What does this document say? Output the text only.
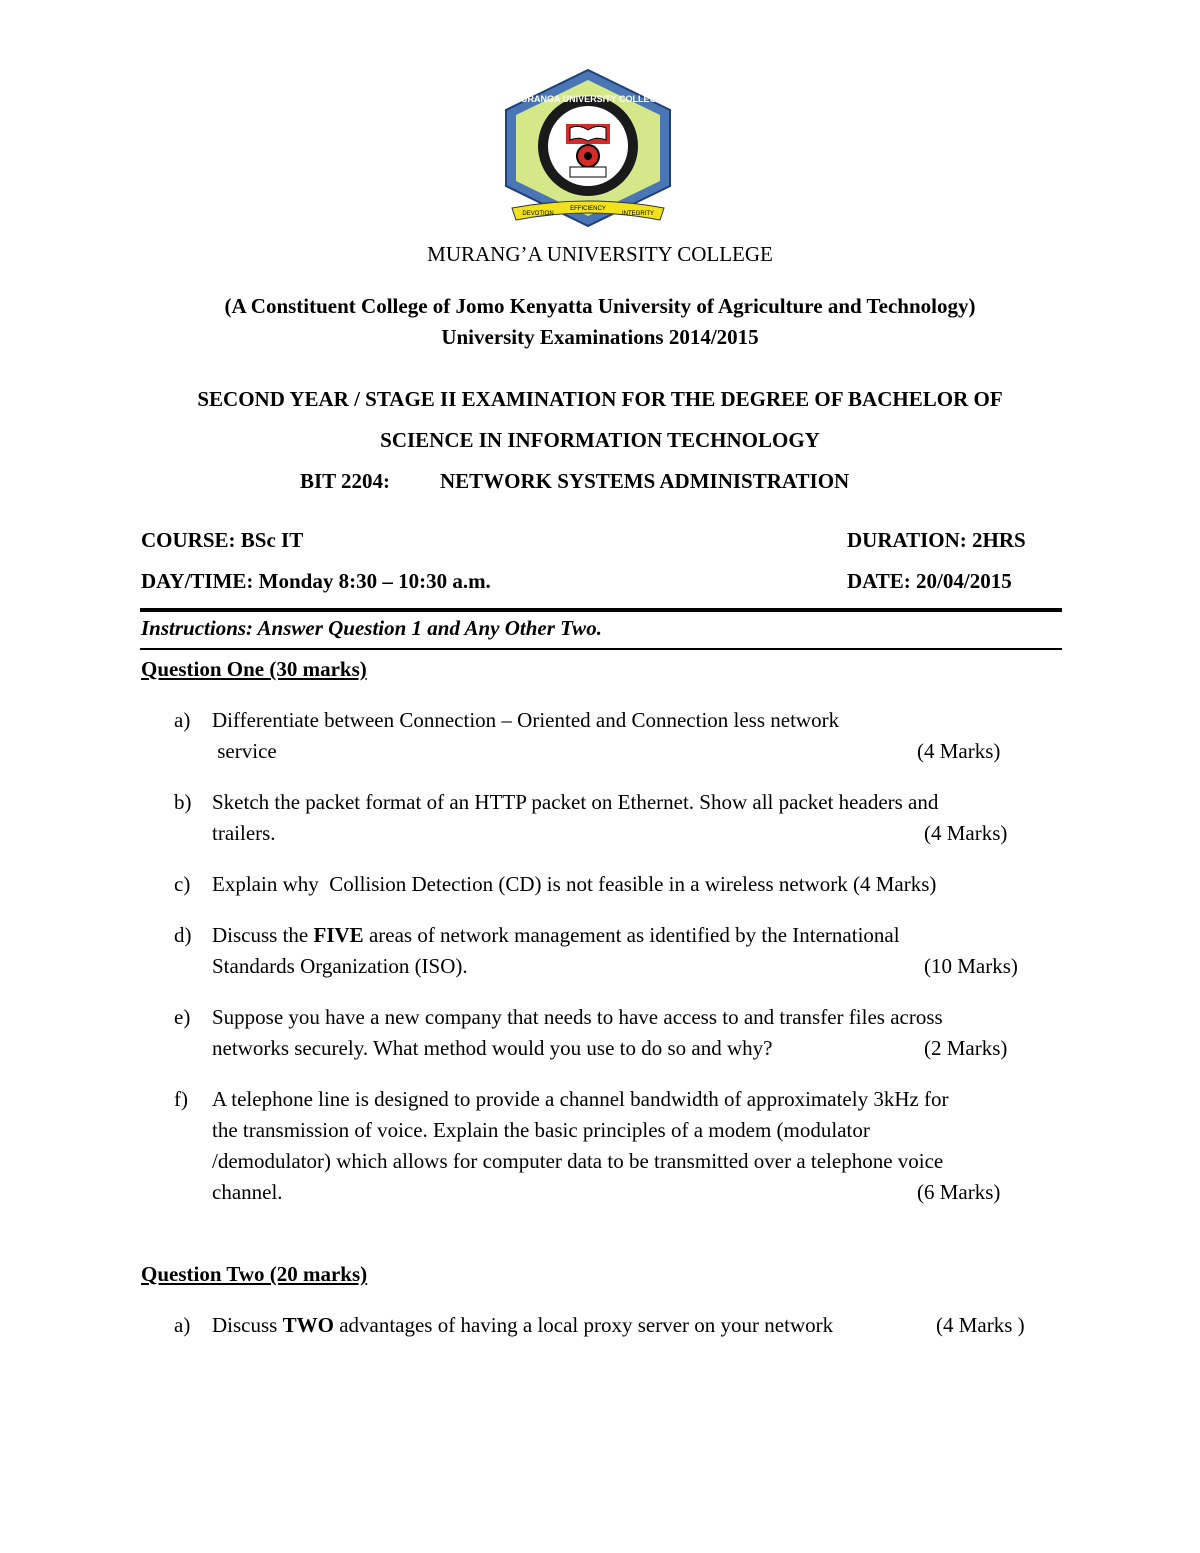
MURANGA UNIVERSITY COLLEGE
DEVOTION
EFFICIENCY
INTEGRITY
MURANG’A UNIVERSITY COLLEGE
(A Constituent College of Jomo Kenyatta University of Agriculture and Technology)
University Examinations 2014/2015
SECOND YEAR / STAGE II EXAMINATION FOR THE DEGREE OF BACHELOR OF
SCIENCE IN INFORMATION TECHNOLOGY
BIT 2204: NETWORK SYSTEMS ADMINISTRATION
COURSE: BSc IT	DURATION: 2HRS
DAY/TIME: Monday 8:30 – 10:30 a.m.	DATE: 20/04/2015
Instructions: Answer Question 1 and Any Other Two.
Question One (30 marks)
a) Differentiate between Connection – Oriented and Connection less network
service	(4 Marks)
b) Sketch the packet format of an HTTP packet on Ethernet. Show all packet headers and
trailers.	(4 Marks)
c) Explain why  Collision Detection (CD) is not feasible in a wireless network (4 Marks)
d) Discuss the FIVE areas of network management as identified by the International
Standards Organization (ISO).	(10 Marks)
e) Suppose you have a new company that needs to have access to and transfer files across
networks securely. What method would you use to do so and why?	(2 Marks)
f) A telephone line is designed to provide a channel bandwidth of approximately 3kHz for
the transmission of voice. Explain the basic principles of a modem (modulator
/demodulator) which allows for computer data to be transmitted over a telephone voice
channel.	(6 Marks)
Question Two (20 marks)
a) Discuss TWO advantages of having a local proxy server on your network	(4 Marks )
